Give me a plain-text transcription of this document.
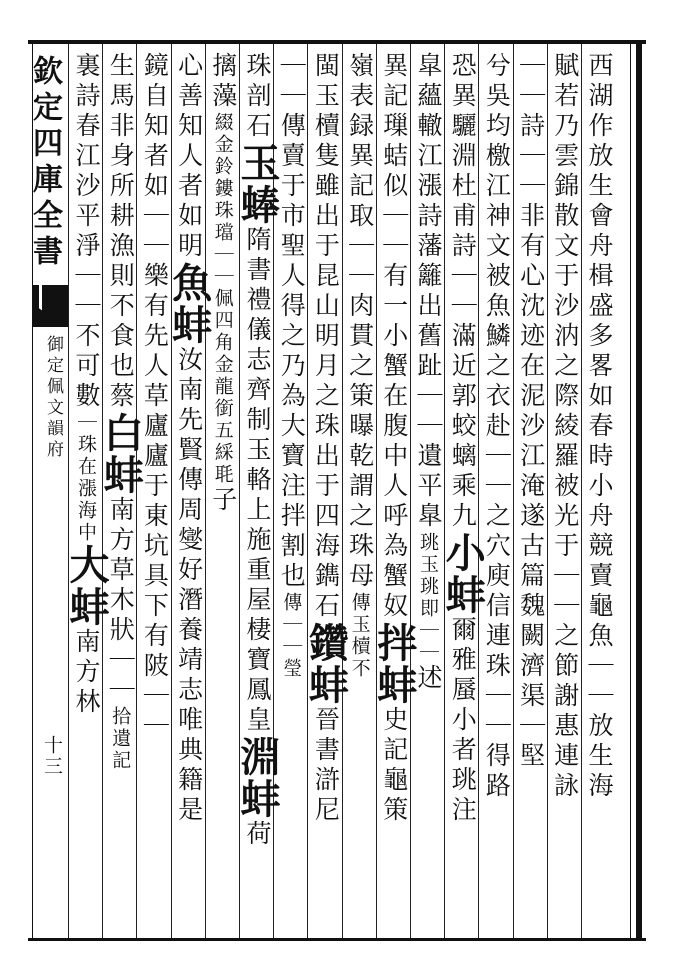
欽定四庫全書
御定佩文韻府
十三
西湖作放生會舟楫盛多畧如春時小舟競賣龜魚｜｜放生海
賦若乃雲錦散文于沙汭之際綾羅被光于｜｜之節謝惠連詠
｜｜詩｜｜非有心沈迹在泥沙江淹遂古篇魏闕濟渠｜堅
兮吳均檄江神文被魚鱗之衣赴｜｜之穴庾信連珠｜｜得路
恐異驪淵杜甫詩｜｜滿近郭蛟螭乘九小蚌爾雅蜃小者珧注
皐蘊轍江漲詩藩籬出舊趾｜｜遺平臯珧玉珧即｜｜述
異記璅蛣似｜｜有一小蟹在腹中人呼為蟹奴拌蚌史記龜策
嶺表録異記取｜｜肉貫之䇿曝乾謂之珠母傳玉櫝不
閩玉櫝隻雖出于昆山明月之珠出于四海鐫石鑽蚌晉書滸尼
｜｜傳賣于市聖人得之乃為大寶注拌割也傳｜｜瑩
珠剖石玉蜯隋書禮儀志齊制玉輅上施重屋棲寶鳳皇淵蚌荷
摛藻綴金鈴鏤珠璫｜｜佩四角金龍銜五綵毦子
心善知人者如明魚蚌汝南先賢傳周燮好潛養靖志唯典籍是
鏡自知者如｜｜樂有先人草廬廬于東坑具下有陂｜｜
生馬非身所耕漁則不食也蔡白蚌南方草木狀｜｜拾遺記
裏詩春江沙平淨｜｜不可數｜珠在漲海中大蚌南方林
